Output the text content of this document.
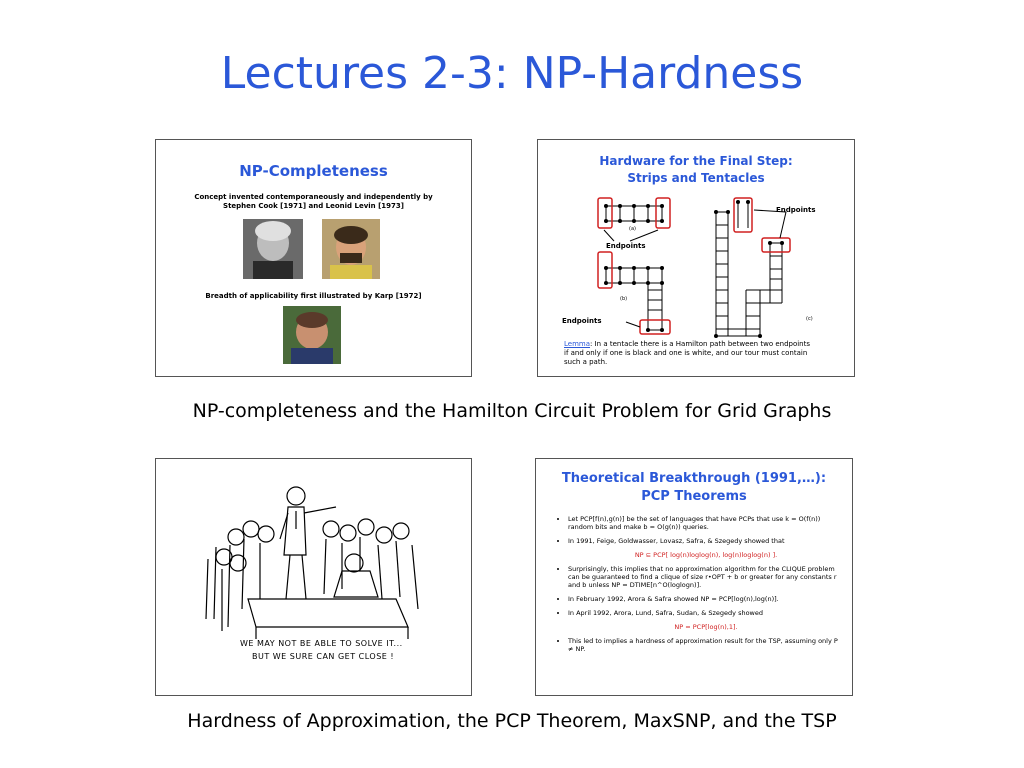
Lectures 2-3: NP-Hardness
NP-Completeness
Concept invented contemporaneously and independently by
Stephen Cook [1971] and Leonid Levin [1973]
Breadth of applicability first illustrated by Karp [1972]
Hardware for the Final Step:
Strips and Tentacles
Endpoints
(a)
(b)
Endpoints
Endpoints
(c)
Lemma: In a tentacle there is a Hamilton path between two endpoints
if and only if one is black and one is white, and our tour must contain
such a path.
NP-completeness and the Hamilton Circuit Problem for Grid Graphs
WE MAY NOT BE ABLE TO SOLVE IT...
BUT WE SURE CAN GET CLOSE !
Theoretical Breakthrough (1991,…):
PCP Theorems
• Let PCP[f(n),g(n)] be the set of languages that have PCPs that use k = O(f(n)) random bits and make b = O(g(n)) queries.
• In 1991, Feige, Goldwasser, Lovasz, Safra, & Szegedy showed that

NP ⊆ PCP[ log(n)loglog(n), log(n)loglog(n) ].
• Surprisingly, this implies that no approximation algorithm for the CLIQUE problem can be guaranteed to find a clique of size r•OPT + b or greater for any constants r and b unless NP = DTIME[n^O(loglogn)].
• In February 1992, Arora & Safra showed NP = PCP[log(n),log(n)].
• In April 1992, Arora, Lund, Safra, Sudan, & Szegedy showed

NP = PCP[log(n),1].
• This led to implies a hardness of approximation result for the TSP, assuming only P ≠ NP.
Hardness of Approximation, the PCP Theorem, MaxSNP, and the TSP
